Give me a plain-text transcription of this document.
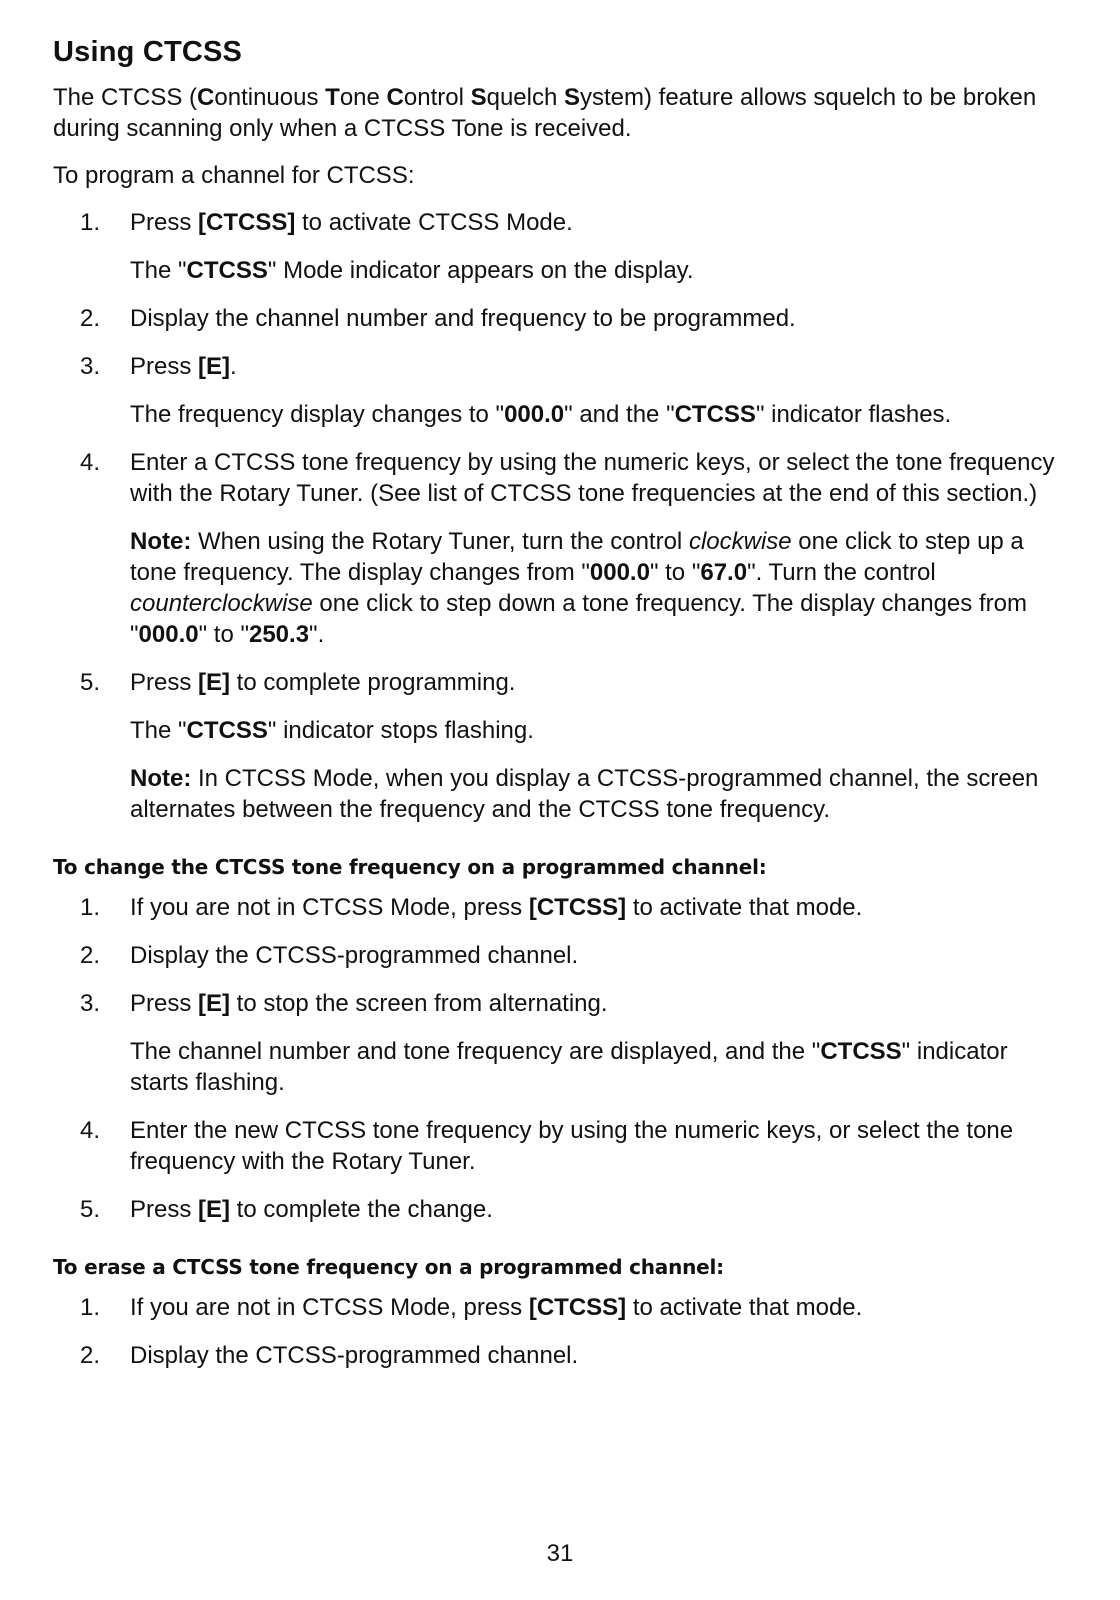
Using CTCSS

The CTCSS (Continuous Tone Control Squelch System) feature allows squelch to be broken during scanning only when a CTCSS Tone is received.

To program a channel for CTCSS:

1. Press [CTCSS] to activate CTCSS Mode.
The "CTCSS" Mode indicator appears on the display.
2. Display the channel number and frequency to be programmed.
3. Press [E].
The frequency display changes to "000.0" and the "CTCSS" indicator flashes.
4. Enter a CTCSS tone frequency by using the numeric keys, or select the tone frequency with the Rotary Tuner. (See list of CTCSS tone frequencies at the end of this section.)
Note: When using the Rotary Tuner, turn the control clockwise one click to step up a tone frequency. The display changes from "000.0" to "67.0". Turn the control counterclockwise one click to step down a tone frequency. The display changes from "000.0" to "250.3".
5. Press [E] to complete programming.
The "CTCSS" indicator stops flashing.
Note: In CTCSS Mode, when you display a CTCSS-programmed channel, the screen alternates between the frequency and the CTCSS tone frequency.
To change the CTCSS tone frequency on a programmed channel:
1. If you are not in CTCSS Mode, press [CTCSS] to activate that mode.
2. Display the CTCSS-programmed channel.
3. Press [E] to stop the screen from alternating.
The channel number and tone frequency are displayed, and the "CTCSS" indicator starts flashing.
4. Enter the new CTCSS tone frequency by using the numeric keys, or select the tone frequency with the Rotary Tuner.
5. Press [E] to complete the change.
To erase a CTCSS tone frequency on a programmed channel:
1. If you are not in CTCSS Mode, press [CTCSS] to activate that mode.
2. Display the CTCSS-programmed channel.
31
